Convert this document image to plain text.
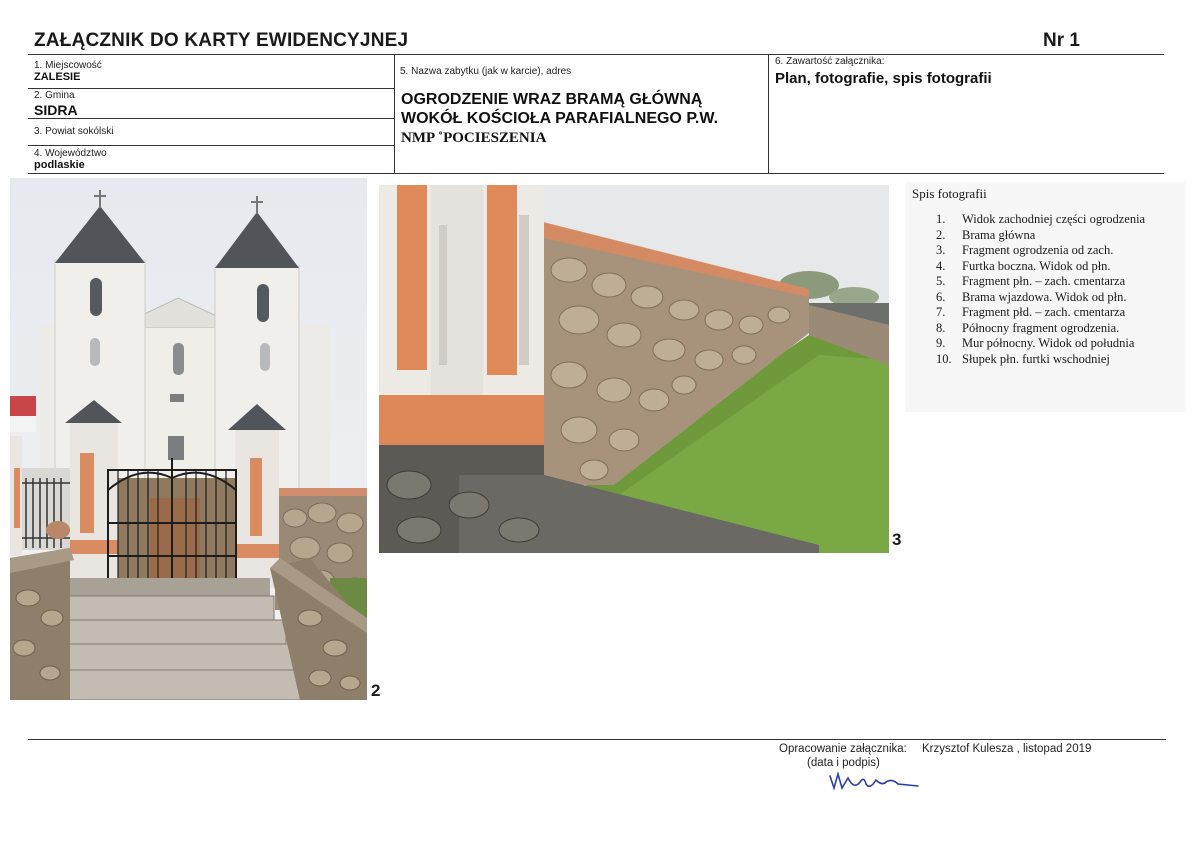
ZAŁĄCZNIK DO KARTY EWIDENCYJNEJ	Nr 1
1. Miejscowość
ZALESIE
2. Gmina
SIDRA
3. Powiat sokólski
4. Województwo
podlaskie
5. Nazwa zabytku (jak w karcie), adres
OGRODZENIE WRAZ BRAMĄ GŁÓWNĄ
WOKÓŁ KOŚCIOŁA PARAFIALNEGO P.W.
NMP ˚POCIESZENIA
6. Zawartość załącznika:
Plan, fotografie, spis fotografii
2
3
Spis fotografii
1. Widok zachodniej części ogrodzenia
2. Brama główna
3. Fragment ogrodzenia od zach.
4. Furtka boczna. Widok od płn.
5. Fragment płn. – zach. cmentarza
6. Brama wjazdowa. Widok od płn.
7. Fragment płd. – zach. cmentarza
8. Północny fragment ogrodzenia.
9. Mur północny. Widok od południa
10. Słupek płn. furtki wschodniej
Opracowanie załącznika: Krzysztof Kulesza , listopad 2019
(data i podpis)
